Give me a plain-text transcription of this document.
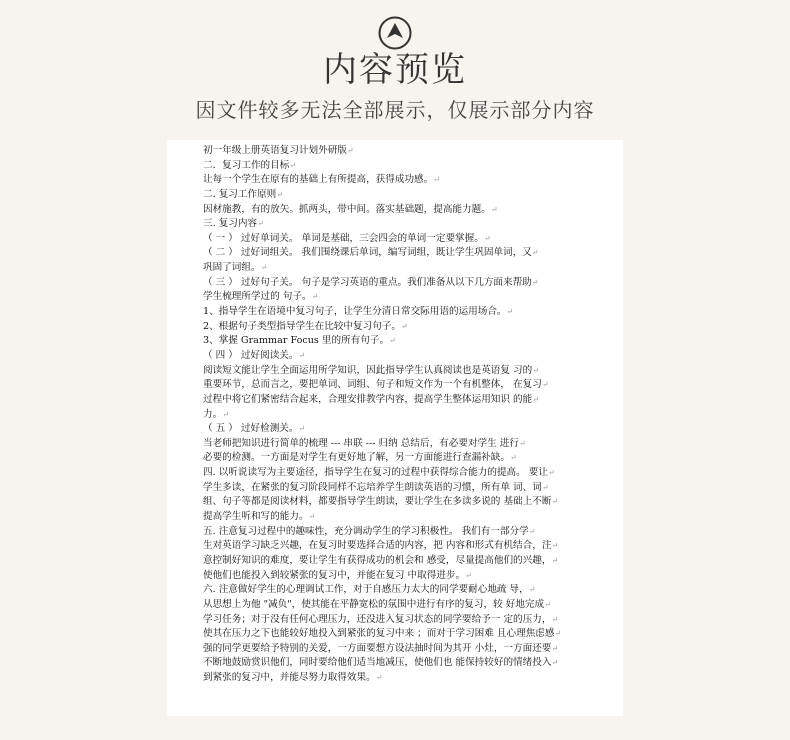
内容预览
因文件较多无法全部展示，仅展示部分内容
初一年级上册英语复习计划外研版↵
二．复习工作的目标↵
让每一个学生在原有的基础上有所提高，获得成功感。↵
二. 复习工作原则↵
因材施教，有的放矢。抓两头，带中间。落实基础题，提高能力题。↵
三. 复习内容↵
（ 一 ） 过好单词关。 单词是基础，三会四会的单词一定要掌握。↵
（ 二 ） 过好词组关。 我们围绕课后单词，编写词组，既让学生巩固单词，又↵
巩固了词组。↵
（ 三 ） 过好句子关。 句子是学习英语的重点。我们准备从以下几方面来帮助↵
学生梳理所学过的 句子。↵
1、指导学生在语境中复习句子，让学生分清日常交际用语的运用场合。↵
2、根据句子类型指导学生在比较中复习句子。↵
3、掌握 Grammar Focus 里的所有句子。↵
（ 四 ） 过好阅读关。↵
阅读短文能让学生全面运用所学知识，因此指导学生认真阅读也是英语复 习的↵
重要环节，总而言之，要把单词、词组、句子和短文作为一个有机整体， 在复习↵
过程中将它们紧密结合起来，合理安排教学内容，提高学生整体运用知识 的能↵
力。↵
（ 五 ） 过好检测关。↵
当老师把知识进行简单的梳理 --- 串联 --- 归纳 总结后，有必要对学生 进行↵
必要的检测。一方面是对学生有更好地了解，另一方面能进行查漏补缺。↵
四. 以听说读写为主要途径，指导学生在复习的过程中获得综合能力的提高。 要让↵
学生多读，在紧张的复习阶段同样不忘培养学生朗读英语的习惯，所有单 词、词↵
组、句子等都是阅读材料，都要指导学生朗读，要让学生在多读多说的 基础上不断↵
提高学生听和写的能力。↵
五. 注意复习过程中的趣味性，充分调动学生的学习积极性。 我们有一部分学↵
生对英语学习缺乏兴趣，在复习时要选择合适的内容，把 内容和形式有机结合，注↵
意控制好知识的难度，要让学生有获得成功的机会和 感受，尽量提高他们的兴趣，↵
使他们也能投入到较紧张的复习中，并能在复习 中取得进步。↵
六. 注意做好学生的心理调试工作，对于自感压力太大的同学要耐心地疏 导，↵
从思想上为他 "减负"，使其能在平静宽松的氛围中进行有序的复习，较 好地完成↵
学习任务；对于没有任何心理压力，还没进入复习状态的同学要给予一 定的压力，↵
使其在压力之下也能较好地投入到紧张的复习中来 ；而对于学习困难 且心理焦虑感↵
强的同学更要给予特别的关爱，一方面要想方设法抽时间为其开 小灶，一方面还要↵
不断地鼓励赏识他们，同时要给他们适当地减压，使他们也 能保持较好的情绪投入↵
到紧张的复习中，并能尽努力取得效果。↵
